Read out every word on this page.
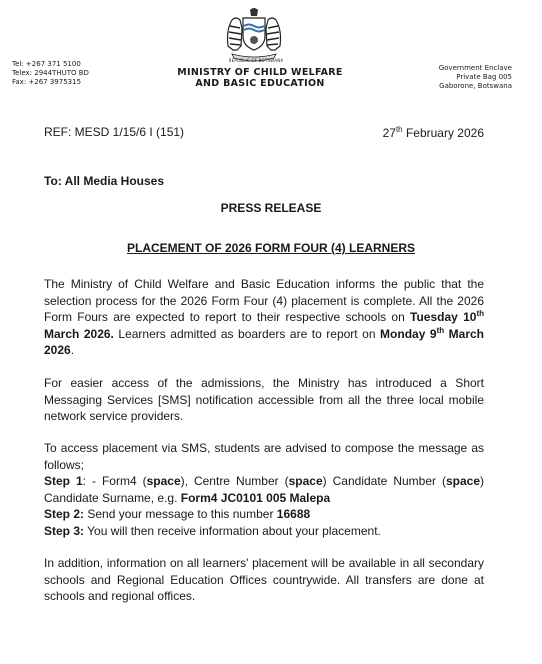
REPUBLIC OF BOTSWANA
MINISTRY OF CHILD WELFARE
AND BASIC EDUCATION
Tel: +267 371 5100
Telex: 2944THUTO BD
Fax: +267 3975315
Government Enclave
Private Bag 005
Gaborone, Botswana
REF: MESD 1/15/6 I (151)	27th February 2026
To: All Media Houses
PRESS RELEASE
PLACEMENT OF 2026 FORM FOUR (4) LEARNERS
The Ministry of Child Welfare and Basic Education informs the public that the selection process for the 2026 Form Four (4) placement is complete. All the 2026 Form Fours are expected to report to their respective schools on Tuesday 10th March 2026. Learners admitted as boarders are to report on Monday 9th March 2026.
For easier access of the admissions, the Ministry has introduced a Short Messaging Services [SMS] notification accessible from all the three local mobile network service providers.
To access placement via SMS, students are advised to compose the message as follows;
Step 1: - Form4 (space), Centre Number (space) Candidate Number (space) Candidate Surname, e.g. Form4 JC0101 005 Malepa
Step 2: Send your message to this number 16688
Step 3: You will then receive information about your placement.
In addition, information on all learners' placement will be available in all secondary schools and Regional Education Offices countrywide. All transfers are done at schools and regional offices.
